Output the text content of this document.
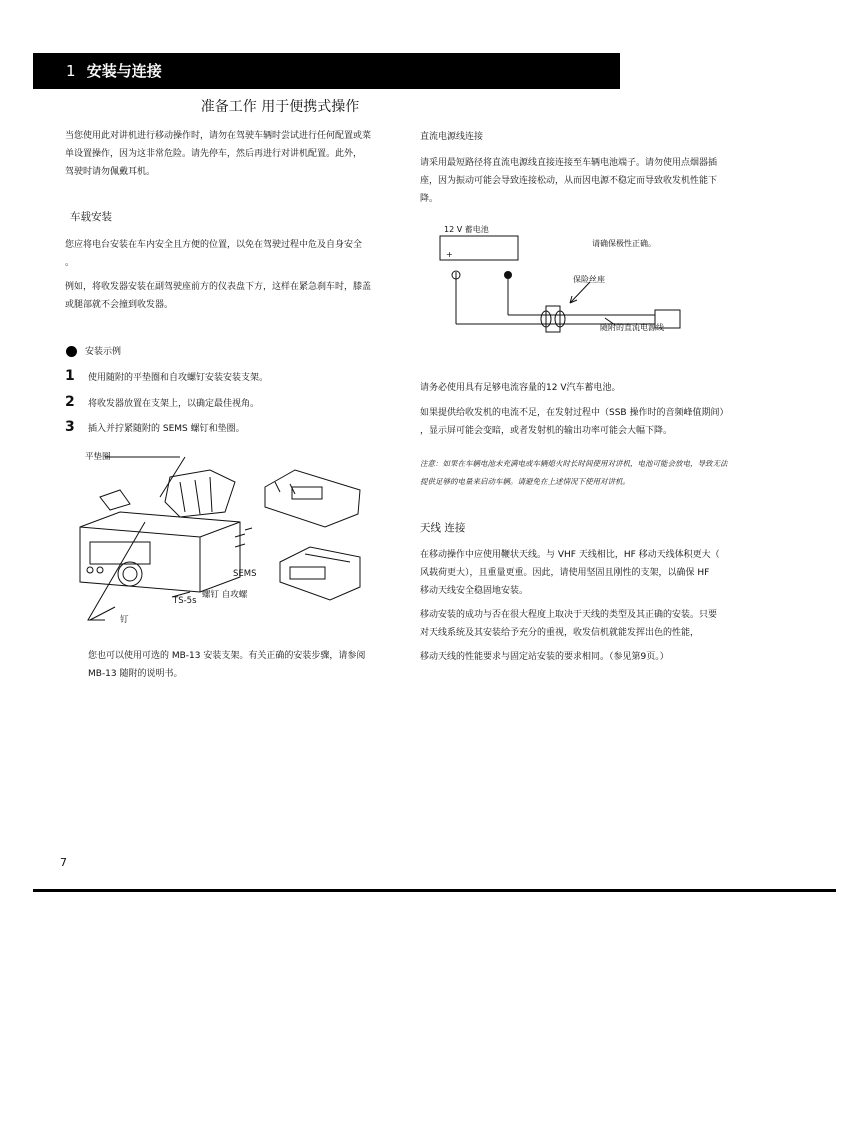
1 安装与连接
准备工作 用于便携式操作
当您使用此对讲机进行移动操作时，请勿在驾驶车辆时尝试进行任何配置或菜
单设置操作，因为这非常危险。请先停车，然后再进行对讲机配置。此外，
驾驶时请勿佩戴耳机。
车载安装
您应将电台安装在车内安全且方便的位置，以免在驾驶过程中危及自身安全
。
例如，将收发器安装在副驾驶座前方的仪表盘下方，这样在紧急刹车时，膝盖
或腿部就不会撞到收发器。
安装示例
1 使用随附的平垫圈和自攻螺钉安装安装支架。
2 将收发器放置在支架上，以确定最佳视角。
3 插入并拧紧随附的 SEMS 螺钉和垫圈。
平垫圈
SEMS
TS-5s
螺钉 自攻螺
钉
您也可以使用可选的 MB-13 安装支架。有关正确的安装步骤，请参阅
MB-13 随附的说明书。
直流电源线连接
请采用最短路径将直流电源线直接连接至车辆电池端子。请勿使用点烟器插
座，因为振动可能会导致连接松动，从而因电源不稳定而导致收发机性能下
降。
12 V 蓄电池
+
请确保极性正确。
保险丝座
随附的直流电源线
请务必使用具有足够电流容量的12 V汽车蓄电池。
如果提供给收发机的电流不足，在发射过程中（SSB 操作时的音频峰值期间）
，显示屏可能会变暗，或者发射机的输出功率可能会大幅下降。
注意：如果在车辆电池未充满电或车辆熄火时长时间使用对讲机，电池可能会放电，导致无法
提供足够的电量来启动车辆。请避免在上述情况下使用对讲机。
天线 连接
在移动操作中应使用鞭状天线。与 VHF 天线相比，HF 移动天线体积更大（
风载荷更大），且重量更重。因此，请使用坚固且刚性的支架，以确保 HF
移动天线安全稳固地安装。
移动安装的成功与否在很大程度上取决于天线的类型及其正确的安装。只要
对天线系统及其安装给予充分的重视，收发信机就能发挥出色的性能，
移动天线的性能要求与固定站安装的要求相同。（参见第9页。）
7
